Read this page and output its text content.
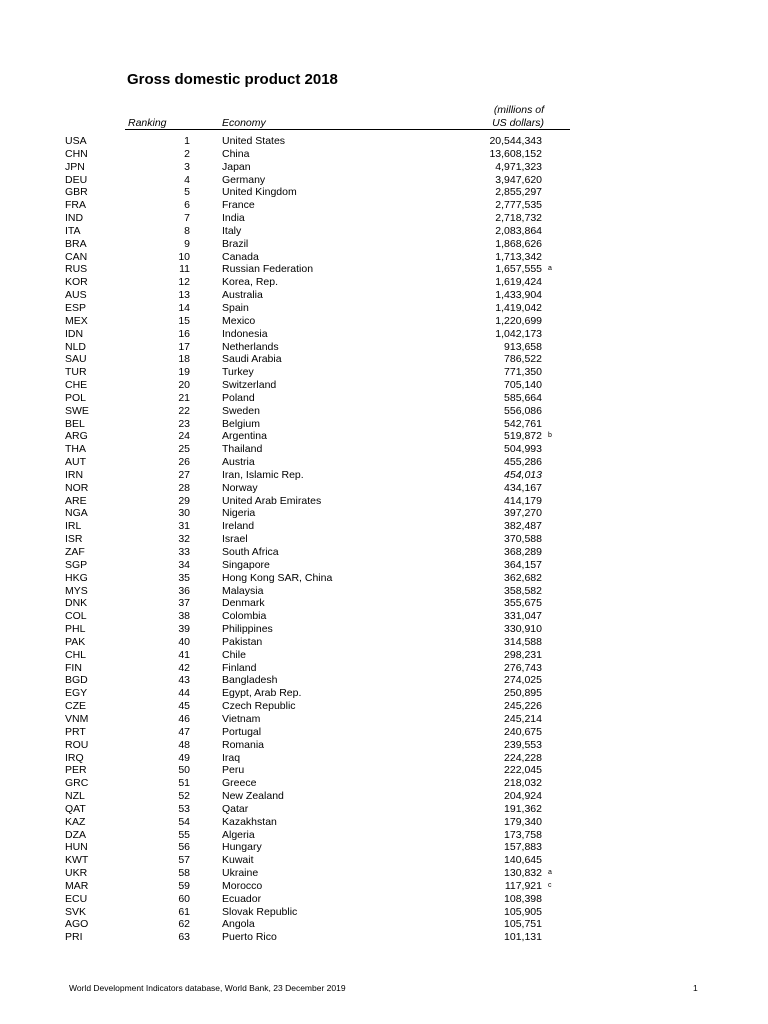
Gross domestic product 2018
Ranking	Economy
(millions of
US dollars)
USA	1	United States	20,544,343
CHN	2	China	13,608,152
JPN	3	Japan	4,971,323
DEU	4	Germany	3,947,620
GBR	5	United Kingdom	2,855,297
FRA	6	France	2,777,535
IND	7	India	2,718,732
ITA	8	Italy	2,083,864
BRA	9	Brazil	1,868,626
CAN	10	Canada	1,713,342
RUS	11	Russian Federation	1,657,555 a
KOR	12	Korea, Rep.	1,619,424
AUS	13	Australia	1,433,904
ESP	14	Spain	1,419,042
MEX	15	Mexico	1,220,699
IDN	16	Indonesia	1,042,173
NLD	17	Netherlands	913,658
SAU	18	Saudi Arabia	786,522
TUR	19	Turkey	771,350
CHE	20	Switzerland	705,140
POL	21	Poland	585,664
SWE	22	Sweden	556,086
BEL	23	Belgium	542,761
ARG	24	Argentina	519,872 b
THA	25	Thailand	504,993
AUT	26	Austria	455,286
IRN	27	Iran, Islamic Rep.	454,013
NOR	28	Norway	434,167
ARE	29	United Arab Emirates	414,179
NGA	30	Nigeria	397,270
IRL	31	Ireland	382,487
ISR	32	Israel	370,588
ZAF	33	South Africa	368,289
SGP	34	Singapore	364,157
HKG	35	Hong Kong SAR, China	362,682
MYS	36	Malaysia	358,582
DNK	37	Denmark	355,675
COL	38	Colombia	331,047
PHL	39	Philippines	330,910
PAK	40	Pakistan	314,588
CHL	41	Chile	298,231
FIN	42	Finland	276,743
BGD	43	Bangladesh	274,025
EGY	44	Egypt, Arab Rep.	250,895
CZE	45	Czech Republic	245,226
VNM	46	Vietnam	245,214
PRT	47	Portugal	240,675
ROU	48	Romania	239,553
IRQ	49	Iraq	224,228
PER	50	Peru	222,045
GRC	51	Greece	218,032
NZL	52	New Zealand	204,924
QAT	53	Qatar	191,362
KAZ	54	Kazakhstan	179,340
DZA	55	Algeria	173,758
HUN	56	Hungary	157,883
KWT	57	Kuwait	140,645
UKR	58	Ukraine	130,832 a
MAR	59	Morocco	117,921 c
ECU	60	Ecuador	108,398
SVK	61	Slovak Republic	105,905
AGO	62	Angola	105,751
PRI	63	Puerto Rico	101,131
World Development Indicators database, World Bank, 23 December 2019	1
